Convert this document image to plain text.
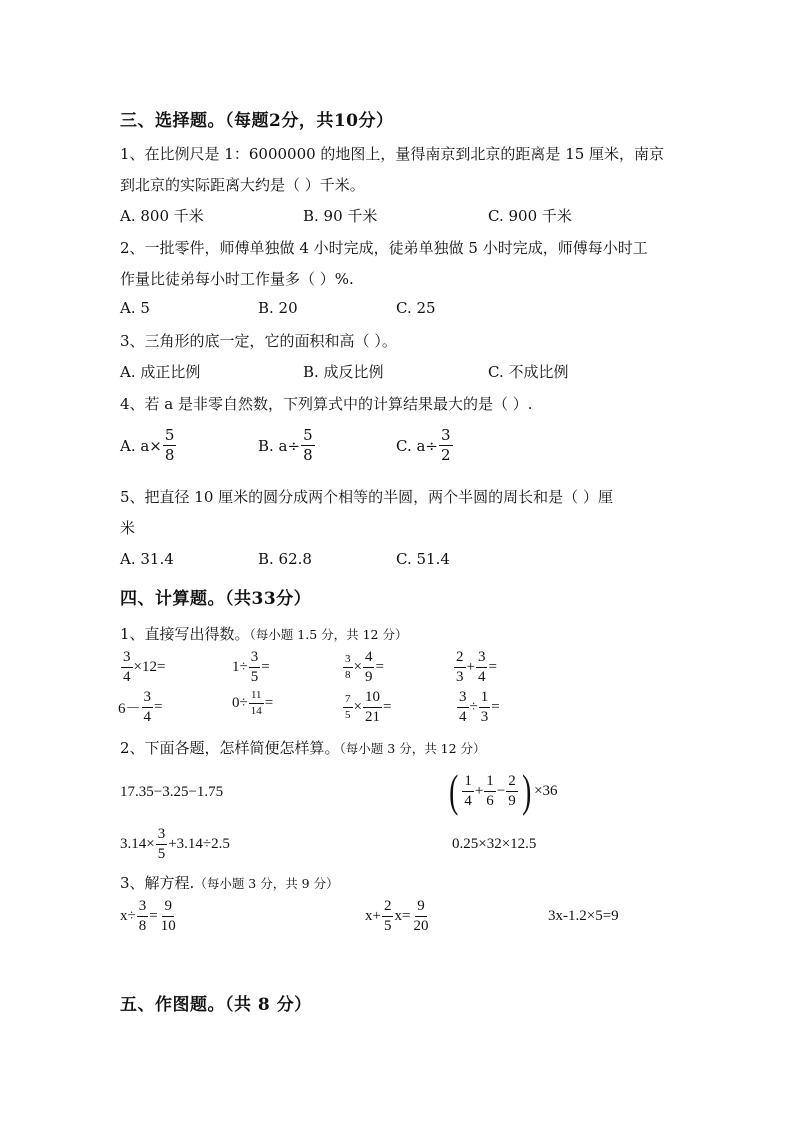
三、选择题。（每题2分，共10分）
1、在比例尺是 1：6000000 的地图上，量得南京到北京的距离是 15 厘米，南京
到北京的实际距离大约是（ ）千米。
A. 800 千米	B. 90 千米	C. 900 千米
2、一批零件，师傅单独做 4 小时完成，徒弟单独做 5 小时完成，师傅每小时工
作量比徒弟每小时工作量多（ ）%.
A. 5	B. 20	C. 25
3、三角形的底一定，它的面积和高（ ）。
A. 成正比例	B. 成反比例	C. 不成比例
4、若 a 是非零自然数，下列算式中的计算结果最大的是（ ）.
A. $a\times \frac{5}{8}$	B. $a\div \frac{5}{8}$	C. $a\div \frac{3}{2}$
5、把直径 10 厘米的圆分成两个相等的半圆，两个半圆的周长和是（ ）厘
米
A. 31.4	B. 62.8	C. 51.4
四、计算题。（共33分）
1、直接写出得数。（每小题 1.5 分，共 12 分）
$\frac{3}{4} \times 12=$	$1\div \frac{3}{5}$ =	$\frac{3}{8} \times \frac{4}{9}$ =	$\frac{2}{3} + \frac{3}{4}$ =
$6- \frac{3}{4}$ =	$0\div \frac{11}{14}$ =	$\frac{7}{5} \times \frac{10}{21}$ =	$\frac{3}{4} \div \frac{1}{3}$ =
2、下面各题，怎样简便怎样算。（每小题 3 分，共 12 分）
17.35−3.25−1.75	( $\frac{1}{4} + \frac{1}{6} - \frac{2}{9}$ ) ×36
$3.14\times \frac{3}{5} +3.14\div 2.5$	0.25×32×12.5
3、解方程.（每小题 3 分，共 9 分）
$x\div \frac{3}{8} = \frac{9}{10}$	$x+ \frac{2}{5} x= \frac{9}{20}$	3x-1.2×5=9
五、作图题。（共 8 分）
